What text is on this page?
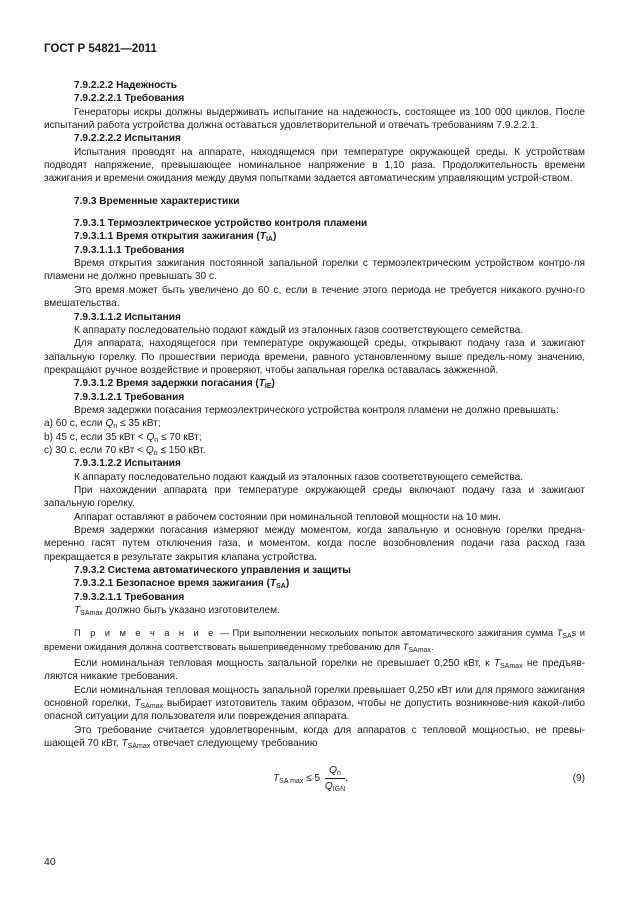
ГОСТ Р 54821—2011

7.9.2.2.2 Надежность

7.9.2.2.2.1 Требования

Генераторы искры должны выдерживать испытание на надежность, состоящее из 100 000 циклов. После испытаний работа устройства должна оставаться удовлетворительной и отвечать требованиям 7.9.2.2.1.

7.9.2.2.2.2 Испытания

Испытания проводят на аппарате, находящемся при температуре окружающей среды. К устройствам подводят напряжение, превышающее номинальное напряжение в 1,10 раза. Продолжительность времени зажигания и времени ожидания между двумя попытками задается автоматическим управляющим устрой-ством.

7.9.3 Временные характеристики

7.9.3.1 Термоэлектрическое устройство контроля пламени

7.9.3.1.1 Время открытия зажигания $(T_{IA})$

7.9.3.1.1.1 Требования

Время открытия зажигания постоянной запальной горелки с термоэлектрическим устройством контро-ля пламени не должно превышать 30 с.

Это время может быть увеличено до 60 с, если в течение этого периода не требуется никакого ручно-го вмешательства.

7.9.3.1.1.2 Испытания

К аппарату последовательно подают каждый из эталонных газов соответствующего семейства.

Для аппарата, находящегося при температуре окружающей среды, открывают подачу газа и зажигают запальную горелку. По прошествии периода времени, равного установленному выше предель-ному значению, прекращают ручное воздействие и проверяют, чтобы запальная горелка оставалась зажженной.

7.9.3.1.2 Время задержки погасания $(T_{IE})$

7.9.3.1.2.1 Требования

Время задержки погасания термоэлектрического устройства контроля пламени не должно превышать:

a) 60 с, если $Q_n \le 35$ кВт;

b) 45 с, если 35 кВт < $Q_n \le 70$ кВт;

c) 30 с, если 70 кВт < $Q_n \le 150$ кВт.

7.9.3.1.2.2 Испытания

К аппарату последовательно подают каждый из эталонных газов соответствующего семейства.

При нахождении аппарата при температуре окружающей среды включают подачу газа и зажигают запальную горелку.

Аппарат оставляют в рабочем состоянии при номинальной тепловой мощности на 10 мин.

Время задержки погасания измеряют между моментом, когда запальную и основную горелки предна-меренно гасят путем отключения газа, и моментом, когда после возобновления подачи газа расход газа прекращается в результате закрытия клапана устройства.

7.9.3.2 Система автоматического управления и защиты

7.9.3.2.1 Безопасное время зажигания $(T_{SA})$

7.9.3.2.1.1 Требования

$T_{SAmax}$ должно быть указано изготовителем.

П р и м е ч а н и е — При выполнении нескольких попыток автоматического зажигания сумма $T_{SA}s$ и времени ожидания должна соответствовать вышеприведенному требованию для $T_{SAmax}$.

Если номинальная тепловая мощность запальной горелки не превышает 0,250 кВт, к $T_{SAmax}$ не предъяв-ляются никакие требования.

Если номинальная тепловая мощность запальной горелки превышает 0,250 кВт или для прямого зажигания основной горелки, $T_{SAmax}$ выбирает изготовитель таким образом, чтобы не допустить возникнове-ния какой-либо опасной ситуации для пользователя или повреждения аппарата.

Это требование считается удовлетворенным, когда для аппаратов с тепловой мощностью, не превы-шающей 70 кВт, $T_{SAmax}$ отвечает следующему требованию

$T_{SA max} \le 5 \frac{Q_n}{Q_{IGN}}$ ,	(9)
40
